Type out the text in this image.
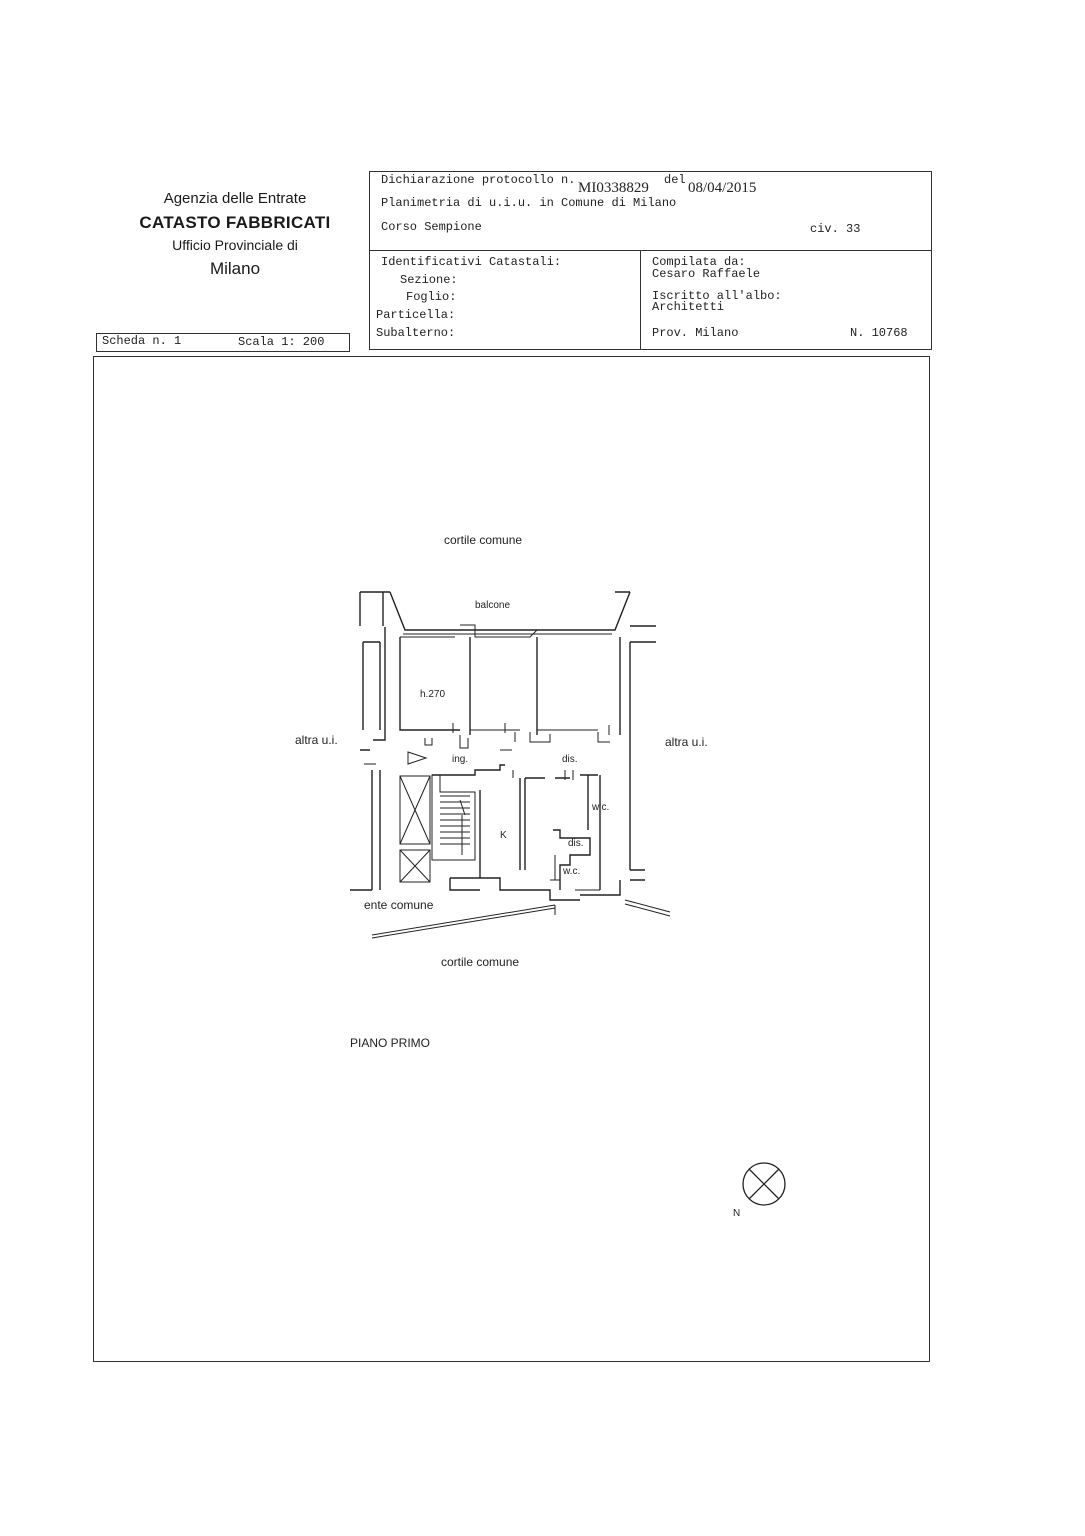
Agenzia delle Entrate
CATASTO FABBRICATI
Ufficio Provinciale di
Milano
Dichiarazione protocollo n. MI0338829 del 08/04/2015
Planimetria di u.i.u. in Comune di Milano
Corso Sempione	civ. 33
Identificativi Catastali:
Sezione:
Foglio:
Particella:
Subalterno:
Compilata da:
Cesaro Raffaele
Iscritto all'albo:
Architetti
Prov. Milano	N. 10768
Scheda n. 1	Scala 1: 200
cortile comune
balcone
h.270
altra u.i.	altra u.i.
ing.	dis.
w.c.
K
dis.
w.c.
ente comune
cortile comune
PIANO PRIMO
N
